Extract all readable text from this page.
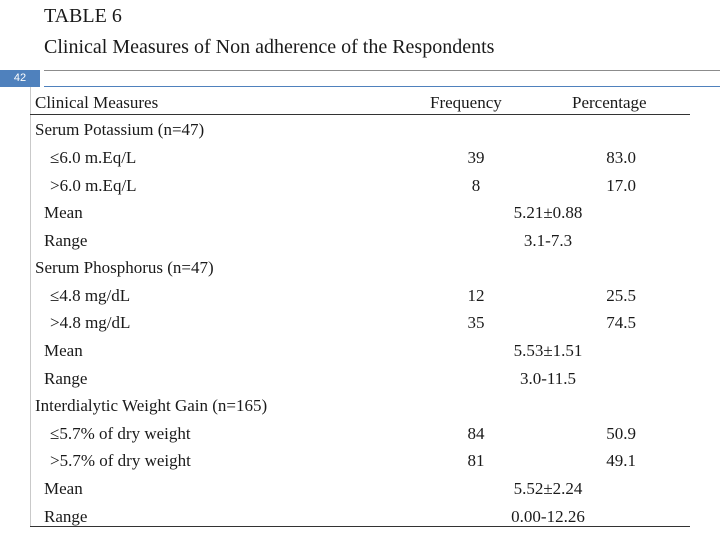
TABLE 6
Clinical Measures of Non adherence of the Respondents
42
Clinical Measures	Frequency	Percentage
Serum Potassium (n=47)
≤6.0 m.Eq/L	39	83.0
>6.0 m.Eq/L	8	17.0
Mean	5.21±0.88
Range	3.1-7.3
Serum Phosphorus (n=47)
≤4.8 mg/dL	12	25.5
>4.8 mg/dL	35	74.5
Mean	5.53±1.51
Range	3.0-11.5
Interdialytic Weight Gain (n=165)
≤5.7% of dry weight	84	50.9
>5.7% of dry weight	81	49.1
Mean	5.52±2.24
Range	0.00-12.26
